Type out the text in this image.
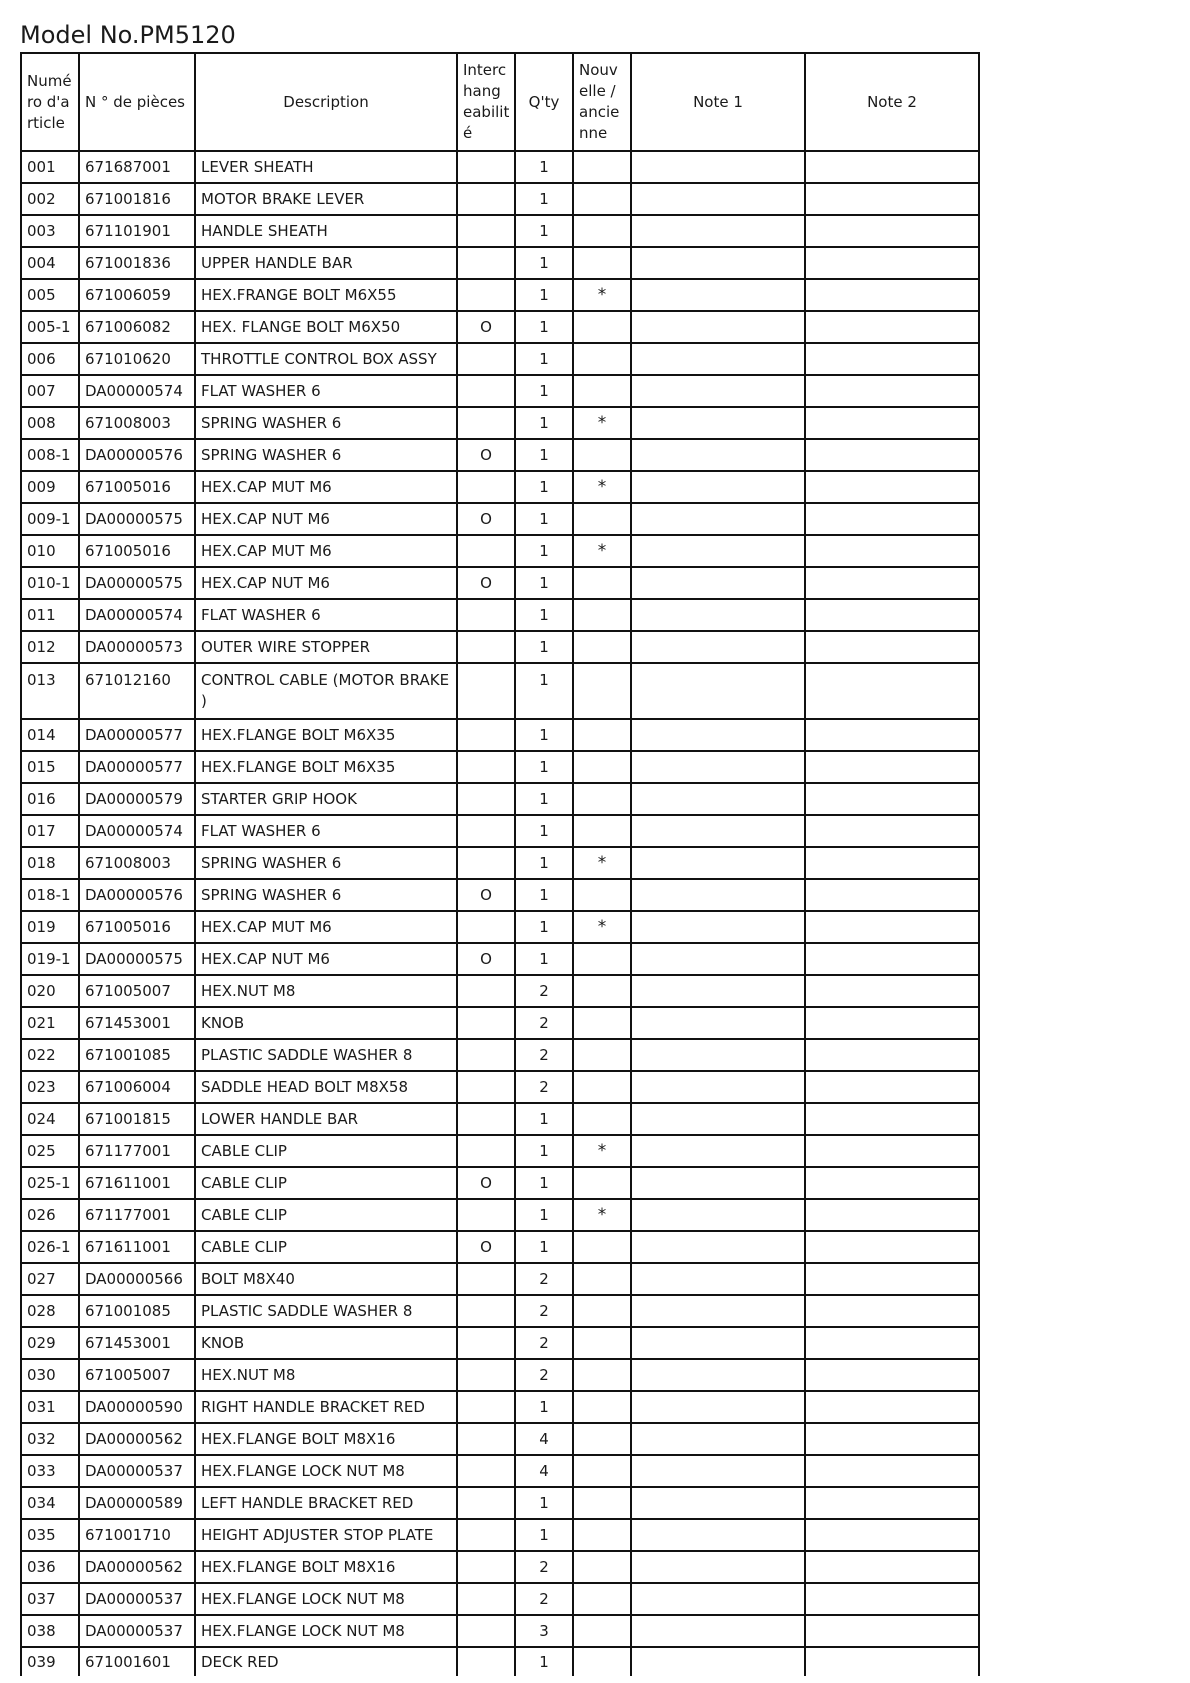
Model No.PM5120
Numé ro d'a rticle	N ° de pièces	Description	Interc hang eabilit é	Q'ty	Nouv elle / ancie nne	Note 1	Note 2
001	671687001	LEVER SHEATH		1			
002	671001816	MOTOR BRAKE LEVER		1			
003	671101901	HANDLE SHEATH		1			
004	671001836	UPPER HANDLE BAR		1			
005	671006059	HEX.FRANGE BOLT M6X55		1	*		
005-1	671006082	HEX. FLANGE BOLT M6X50	O	1			
006	671010620	THROTTLE CONTROL BOX ASSY		1			
007	DA00000574	FLAT WASHER 6		1			
008	671008003	SPRING WASHER 6		1	*		
008-1	DA00000576	SPRING WASHER 6	O	1			
009	671005016	HEX.CAP MUT M6		1	*		
009-1	DA00000575	HEX.CAP NUT M6	O	1			
010	671005016	HEX.CAP MUT M6		1	*		
010-1	DA00000575	HEX.CAP NUT M6	O	1			
011	DA00000574	FLAT WASHER 6		1			
012	DA00000573	OUTER WIRE STOPPER		1			
013	671012160	CONTROL CABLE (MOTOR BRAKE )		1			
014	DA00000577	HEX.FLANGE BOLT M6X35		1			
015	DA00000577	HEX.FLANGE BOLT M6X35		1			
016	DA00000579	STARTER GRIP HOOK		1			
017	DA00000574	FLAT WASHER 6		1			
018	671008003	SPRING WASHER 6		1	*		
018-1	DA00000576	SPRING WASHER 6	O	1			
019	671005016	HEX.CAP MUT M6		1	*		
019-1	DA00000575	HEX.CAP NUT M6	O	1			
020	671005007	HEX.NUT M8		2			
021	671453001	KNOB		2			
022	671001085	PLASTIC SADDLE WASHER 8		2			
023	671006004	SADDLE HEAD BOLT M8X58		2			
024	671001815	LOWER HANDLE BAR		1			
025	671177001	CABLE CLIP		1	*		
025-1	671611001	CABLE CLIP	O	1			
026	671177001	CABLE CLIP		1	*		
026-1	671611001	CABLE CLIP	O	1			
027	DA00000566	BOLT M8X40		2			
028	671001085	PLASTIC SADDLE WASHER 8		2			
029	671453001	KNOB		2			
030	671005007	HEX.NUT M8		2			
031	DA00000590	RIGHT HANDLE BRACKET RED		1			
032	DA00000562	HEX.FLANGE BOLT M8X16		4			
033	DA00000537	HEX.FLANGE LOCK NUT M8		4			
034	DA00000589	LEFT HANDLE BRACKET RED		1			
035	671001710	HEIGHT ADJUSTER STOP PLATE		1			
036	DA00000562	HEX.FLANGE BOLT M8X16		2			
037	DA00000537	HEX.FLANGE LOCK NUT M8		2			
038	DA00000537	HEX.FLANGE LOCK NUT M8		3			
039	671001601	DECK RED		1			
